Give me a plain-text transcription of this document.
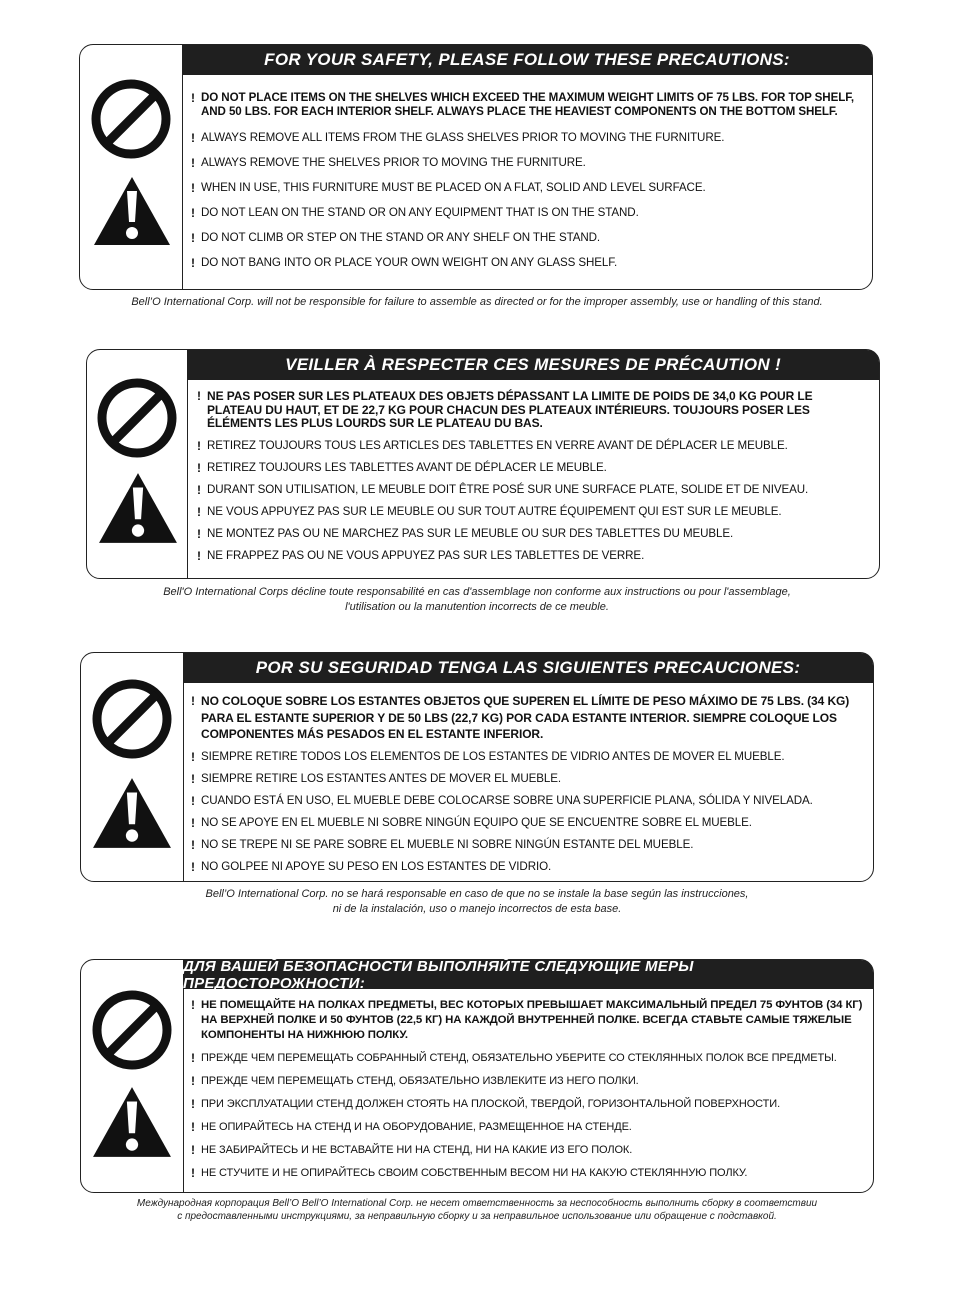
FOR YOUR SAFETY, PLEASE FOLLOW THESE PRECAUTIONS:
! DO NOT PLACE ITEMS ON THE SHELVES WHICH EXCEED THE MAXIMUM WEIGHT LIMITS OF 75 LBS. FOR TOP SHELF, AND 50 LBS. FOR EACH INTERIOR SHELF. ALWAYS PLACE THE HEAVIEST COMPONENTS ON THE BOTTOM SHELF.
! ALWAYS REMOVE ALL ITEMS FROM THE GLASS SHELVES PRIOR TO MOVING THE FURNITURE.
! ALWAYS REMOVE THE SHELVES PRIOR TO MOVING THE FURNITURE.
! WHEN IN USE, THIS FURNITURE MUST BE PLACED ON A FLAT, SOLID AND LEVEL SURFACE.
! DO NOT LEAN ON THE STAND OR ON ANY EQUIPMENT THAT IS ON THE STAND.
! DO NOT CLIMB OR STEP ON THE STAND OR ANY SHELF ON THE STAND.
! DO NOT BANG INTO OR PLACE YOUR OWN WEIGHT ON ANY GLASS SHELF.
Bell’O International Corp. will not be responsible for failure to assemble as directed or for the improper assembly, use or handling of this stand.
VEILLER À RESPECTER CES MESURES DE PRÉCAUTION !
! NE PAS POSER SUR LES PLATEAUX DES OBJETS DÉPASSANT LA LIMITE DE POIDS DE 34,0 KG POUR LE PLATEAU DU HAUT, ET DE 22,7 KG POUR CHACUN DES PLATEAUX INTÉRIEURS. TOUJOURS POSER LES ÉLÉMENTS LES PLUS LOURDS SUR LE PLATEAU DU BAS.
! RETIREZ TOUJOURS TOUS LES ARTICLES DES TABLETTES EN VERRE AVANT DE DÉPLACER LE MEUBLE.
! RETIREZ TOUJOURS LES TABLETTES AVANT DE DÉPLACER LE MEUBLE.
! DURANT SON UTILISATION, LE MEUBLE DOIT ÊTRE POSÉ SUR UNE SURFACE PLATE, SOLIDE ET DE NIVEAU.
! NE VOUS APPUYEZ PAS SUR LE MEUBLE OU SUR TOUT AUTRE ÉQUIPEMENT QUI EST SUR LE MEUBLE.
! NE MONTEZ PAS OU NE MARCHEZ PAS SUR LE MEUBLE OU SUR DES TABLETTES DU MEUBLE.
! NE FRAPPEZ PAS OU NE VOUS APPUYEZ PAS SUR LES TABLETTES DE VERRE.
Bell'O International Corps décline toute responsabilité en cas d'assemblage non conforme aux instructions ou pour l'assemblage,
l'utilisation ou la manutention incorrects de ce meuble.
POR SU SEGURIDAD TENGA LAS SIGUIENTES PRECAUCIONES:
! NO COLOQUE SOBRE LOS ESTANTES OBJETOS QUE SUPEREN EL LÍMITE DE PESO MÁXIMO DE 75 LBS. (34 KG) PARA EL ESTANTE SUPERIOR Y DE 50 LBS (22,7 KG) POR CADA ESTANTE INTERIOR. SIEMPRE COLOQUE LOS COMPONENTES MÁS PESADOS EN EL ESTANTE INFERIOR.
! SIEMPRE RETIRE TODOS LOS ELEMENTOS DE LOS ESTANTES DE VIDRIO ANTES DE MOVER EL MUEBLE.
! SIEMPRE RETIRE LOS ESTANTES ANTES DE MOVER EL MUEBLE.
! CUANDO ESTÁ EN USO, EL MUEBLE DEBE COLOCARSE SOBRE UNA SUPERFICIE PLANA, SÓLIDA Y NIVELADA.
! NO SE APOYE EN EL MUEBLE NI SOBRE NINGÚN EQUIPO QUE SE ENCUENTRE SOBRE EL MUEBLE.
! NO SE TREPE NI SE PARE SOBRE EL MUEBLE NI SOBRE NINGÚN ESTANTE DEL MUEBLE.
! NO GOLPEE NI APOYE SU PESO EN LOS ESTANTES DE VIDRIO.
Bell’O International Corp. no se hará responsable en caso de que no se instale la base según las instrucciones,
ni de la instalación, uso o manejo incorrectos de esta base.
ДЛЯ ВАШЕЙ БЕЗОПАСНОСТИ ВЫПОЛНЯЙТЕ СЛЕДУЮЩИЕ МЕРЫ ПРЕДОСТОРОЖНОСТИ:
! НЕ ПОМЕЩАЙТЕ НА ПОЛКАХ ПРЕДМЕТЫ, ВЕС КОТОРЫХ ПРЕВЫШАЕТ МАКСИМАЛЬНЫЙ ПРЕДЕЛ 75 ФУНТОВ (34 КГ) НА ВЕРХНЕЙ ПОЛКЕ И 50 ФУНТОВ (22,5 КГ) НА КАЖДОЙ ВНУТРЕННЕЙ ПОЛКЕ. ВСЕГДА СТАВЬТЕ САМЫЕ ТЯЖЕЛЫЕ КОМПОНЕНТЫ НА НИЖНЮЮ ПОЛКУ.
! ПРЕЖДЕ ЧЕМ ПЕРЕМЕЩАТЬ СОБРАННЫЙ СТЕНД, ОБЯЗАТЕЛЬНО УБЕРИТЕ СО СТЕКЛЯННЫХ ПОЛОК ВСЕ ПРЕДМЕТЫ.
! ПРЕЖДЕ ЧЕМ ПЕРЕМЕЩАТЬ СТЕНД, ОБЯЗАТЕЛЬНО ИЗВЛЕКИТЕ ИЗ НЕГО ПОЛКИ.
! ПРИ ЭКСПЛУАТАЦИИ СТЕНД ДОЛЖЕН СТОЯТЬ НА ПЛОСКОЙ, ТВЕРДОЙ, ГОРИЗОНТАЛЬНОЙ ПОВЕРХНОСТИ.
! НЕ ОПИРАЙТЕСЬ НА СТЕНД И НА ОБОРУДОВАНИЕ, РАЗМЕЩЕННОЕ НА СТЕНДЕ.
! НЕ ЗАБИРАЙТЕСЬ И НЕ ВСТАВАЙТЕ НИ НА СТЕНД, НИ НА КАКИЕ ИЗ ЕГО ПОЛОК.
! НЕ СТУЧИТЕ И НЕ ОПИРАЙТЕСЬ СВОИМ СОБСТВЕННЫМ ВЕСОМ НИ НА КАКУЮ СТЕКЛЯННУЮ ПОЛКУ.
Международная корпорация Bell’O Bell’O International Corp. не несет ответственность за неспособность выполнить сборку в соответствии
с предоставленными инструкциями, за неправильную сборку и за неправильное использование или обращение с подставкой.
